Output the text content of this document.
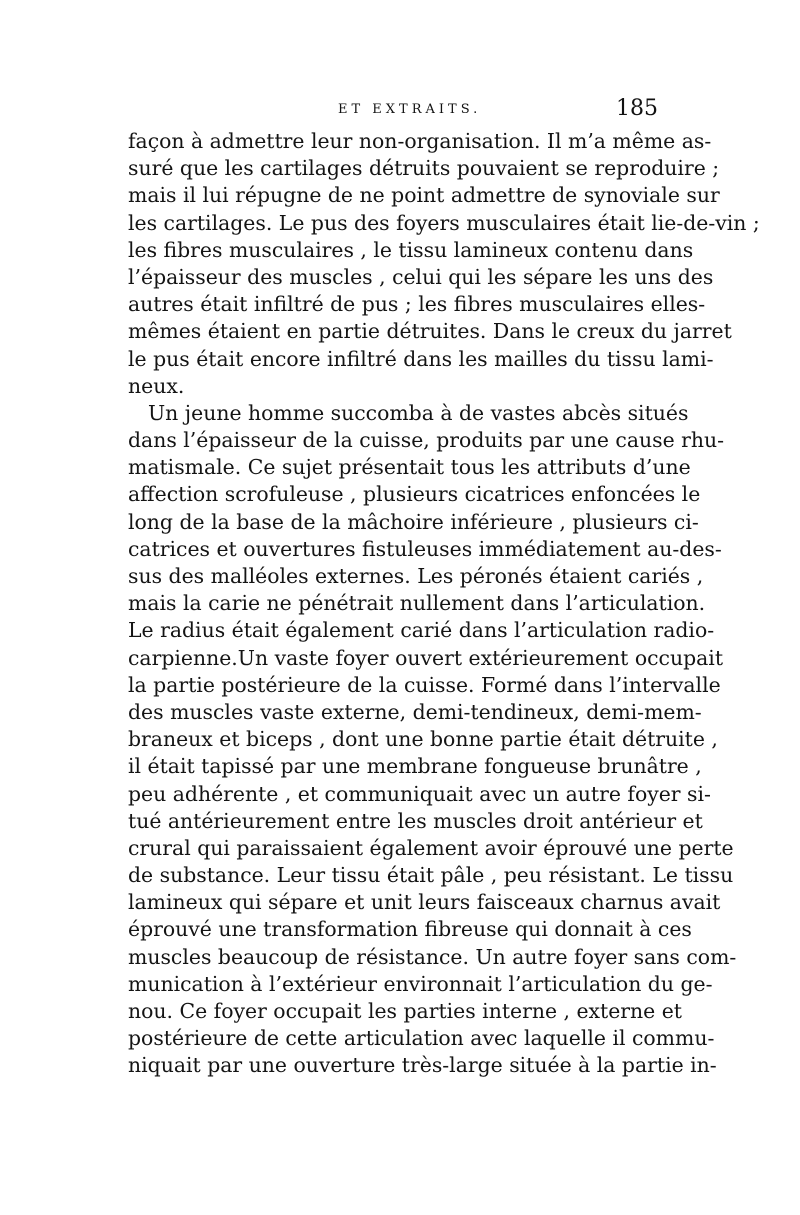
ET EXTRAITS.	185
façon à admettre leur non-organisation. Il m’a même as-
suré que les cartilages détruits pouvaient se reproduire ;
mais il lui répugne de ne point admettre de synoviale sur
les cartilages. Le pus des foyers musculaires était lie-de-vin ;
les fibres musculaires , le tissu lamineux contenu dans
l’épaisseur des muscles , celui qui les sépare les uns des
autres était infiltré de pus ; les fibres musculaires elles-
mêmes étaient en partie détruites. Dans le creux du jarret
le pus était encore infiltré dans les mailles du tissu lami-
neux.
Un jeune homme succomba à de vastes abcès situés
dans l’épaisseur de la cuisse, produits par une cause rhu-
matismale. Ce sujet présentait tous les attributs d’une
affection scrofuleuse , plusieurs cicatrices enfoncées le
long de la base de la mâchoire inférieure , plusieurs ci-
catrices et ouvertures fistuleuses immédiatement au-des-
sus des malléoles externes. Les péronés étaient cariés ,
mais la carie ne pénétrait nullement dans l’articulation.
Le radius était également carié dans l’articulation radio-
carpienne.Un vaste foyer ouvert extérieurement occupait
la partie postérieure de la cuisse. Formé dans l’intervalle
des muscles vaste externe, demi-tendineux, demi-mem-
braneux et biceps , dont une bonne partie était détruite ,
il était tapissé par une membrane fongueuse brunâtre ,
peu adhérente , et communiquait avec un autre foyer si-
tué antérieurement entre les muscles droit antérieur et
crural qui paraissaient également avoir éprouvé une perte
de substance. Leur tissu était pâle , peu résistant. Le tissu
lamineux qui sépare et unit leurs faisceaux charnus avait
éprouvé une transformation fibreuse qui donnait à ces
muscles beaucoup de résistance. Un autre foyer sans com-
munication à l’extérieur environnait l’articulation du ge-
nou. Ce foyer occupait les parties interne , externe et
postérieure de cette articulation avec laquelle il commu-
niquait par une ouverture très-large située à la partie in-
